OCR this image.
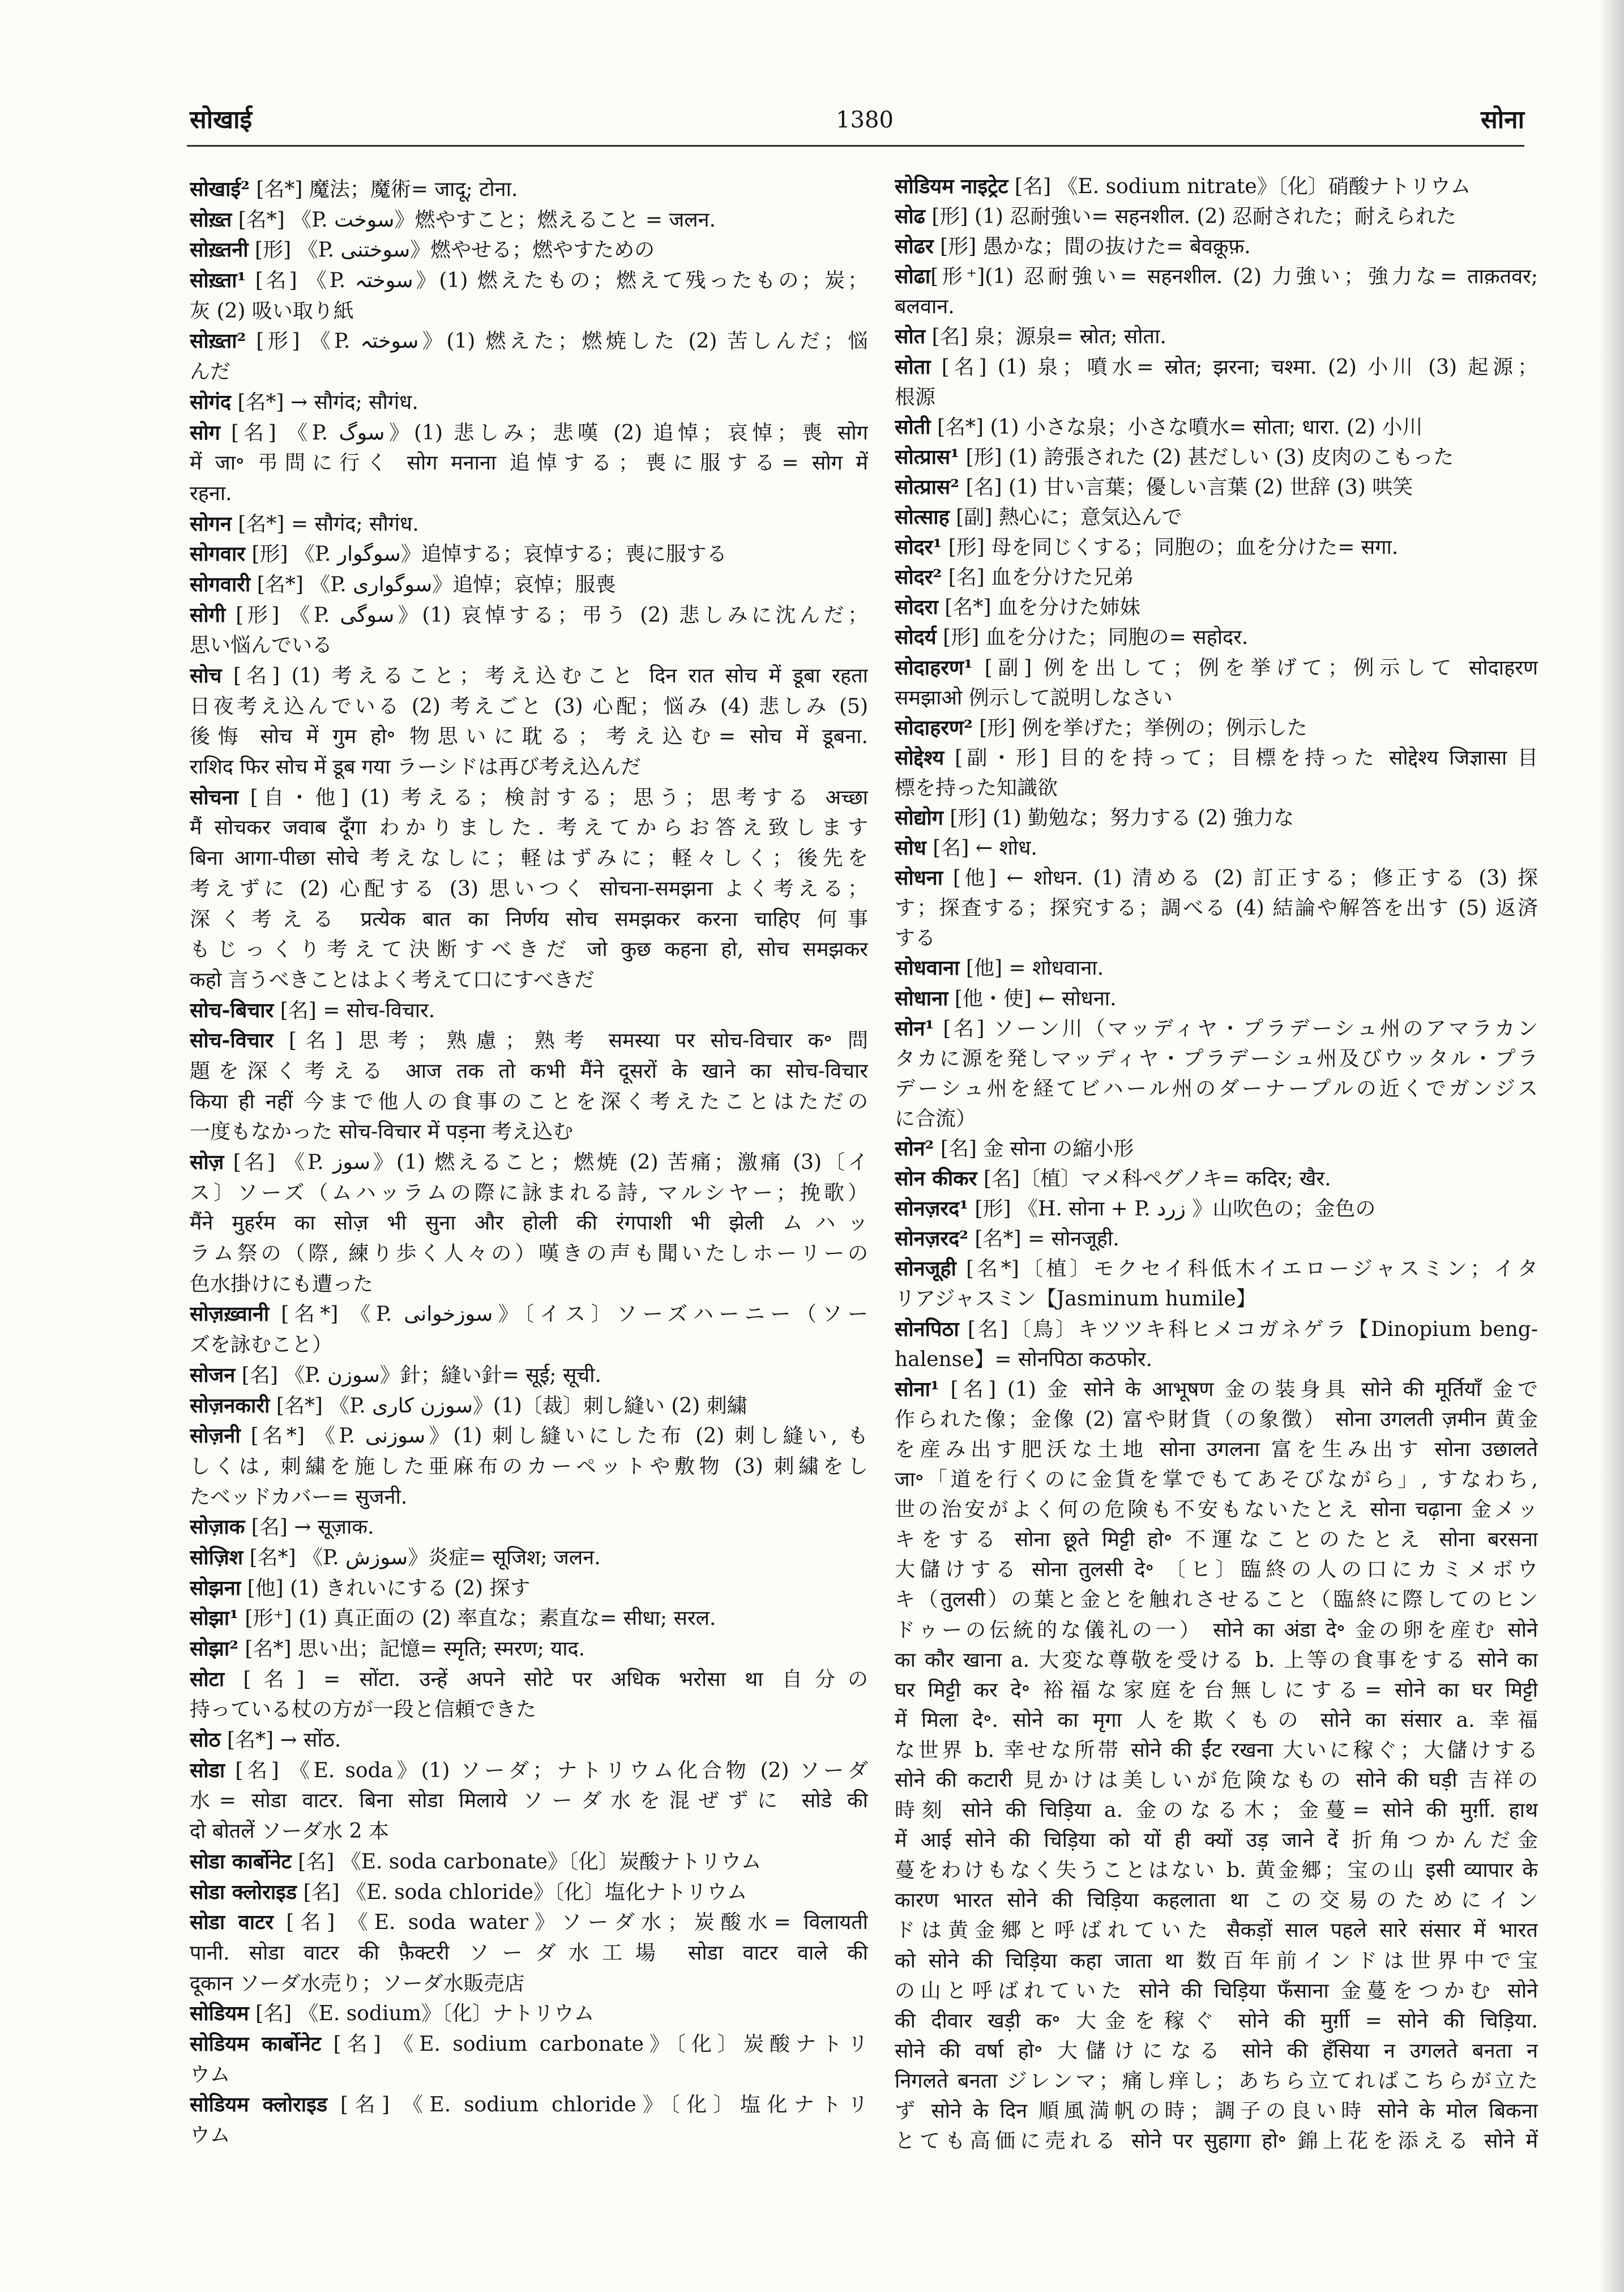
सोखाई	1380	सोना
सोखाई² [名*] 魔法；魔術= जादू; टोना.
सोख़्त [名*] 《P. سوخت》燃やすこと；燃えること = जलन.
सोख़्तनी [形] 《P. سوختنی》燃やせる；燃やすための
सोख़्ता¹ [名] 《P. سوختہ》(1) 燃えたもの；燃えて残ったもの；炭；
灰 (2) 吸い取り紙
सोख़्ता² [形] 《P. سوختہ》(1) 燃えた；燃焼した (2) 苦しんだ；悩
んだ
सोगंद [名*] → सौगंद; सौगंध.
सोग [名] 《P. سوگ》(1) 悲しみ；悲嘆 (2) 追悼；哀悼；喪 सोग
में जा॰ 弔問に行く सोग मनाना 追悼する；喪に服する= सोग में
रहना.
सोगन [名*] = सौगंद; सौगंध.
सोगवार [形] 《P. سوگوار》追悼する；哀悼する；喪に服する
सोगवारी [名*] 《P. سوگواری》追悼；哀悼；服喪
सोगी [形] 《P. سوگی》(1) 哀悼する；弔う (2) 悲しみに沈んだ；
思い悩んでいる
सोच [名] (1) 考えること；考え込むこと दिन रात सोच में डूबा रहता
日夜考え込んでいる (2) 考えごと (3) 心配；悩み (4) 悲しみ (5)
後悔 सोच में गुम हो॰ 物思いに耽る；考え込む= सोच में डूबना.
राशिद फिर सोच में डूब गया ラーシドは再び考え込んだ
सोचना [自・他] (1) 考える；検討する；思う；思考する अच्छा
मैं सोचकर जवाब दूँगा わかりました. 考えてからお答え致します
बिना आगा-पीछा सोचे 考えなしに；軽はずみに；軽々しく；後先を
考えずに (2) 心配する (3) 思いつく सोचना-समझना よく考える；
深く考える प्रत्येक बात का निर्णय सोच समझकर करना चाहिए 何事
もじっくり考えて決断すべきだ जो कुछ कहना हो, सोच समझकर
कहो 言うべきことはよく考えて口にすべきだ
सोच-बिचार [名] = सोच-विचार.
सोच-विचार [名] 思考；熟慮；熟考 समस्या पर सोच-विचार क॰ 問
題を深く考える आज तक तो कभी मैंने दूसरों के खाने का सोच-विचार
किया ही नहीं 今まで他人の食事のことを深く考えたことはただの
一度もなかった सोच-विचार में पड़ना 考え込む
सोज़ [名] 《P. سوز》(1) 燃えること；燃焼 (2) 苦痛；激痛 (3)〔イ
ス〕ソーズ（ムハッラムの際に詠まれる詩, マルシヤー；挽歌）
मैंने मुहर्रम का सोज़ भी सुना और होली की रंगपाशी भी झेली ムハッ
ラム祭の（際, 練り歩く人々の）嘆きの声も聞いたしホーリーの
色水掛けにも遭った
सोज़ख़्वानी [名*] 《P. سوزخوانی》〔イス〕ソーズハーニー（ソー
ズを詠むこと）
सोजन [名] 《P. سوزن》針；縫い針= सूई; सूची.
सोज़नकारी [名*] 《P. سوزن کاری》(1)〔裁〕刺し縫い (2) 刺繍
सोज़नी [名*] 《P. سوزنی》(1) 刺し縫いにした布 (2) 刺し縫い, も
しくは, 刺繍を施した亜麻布のカーペットや敷物 (3) 刺繍をし
たベッドカバー= सुजनी.
सोज़ाक [名] → सूज़ाक.
सोज़िश [名*] 《P. سوزش》炎症= सूजिश; जलन.
सोझना [他] (1) きれいにする (2) 探す
सोझा¹ [形⁺] (1) 真正面の (2) 率直な；素直な= सीधा; सरल.
सोझा² [名*] 思い出；記憶= स्मृति; स्मरण; याद.
सोटा [名] = सोंटा. उन्हें अपने सोटे पर अधिक भरोसा था 自分の
持っている杖の方が一段と信頼できた
सोठ [名*] → सोंठ.
सोडा [名] 《E. soda》(1) ソーダ；ナトリウム化合物 (2) ソーダ
水= सोडा वाटर. बिना सोडा मिलाये ソーダ水を混ぜずに सोडे की
दो बोतलें ソーダ水 2 本
सोडा कार्बोनेट [名] 《E. soda carbonate》〔化〕炭酸ナトリウム
सोडा क्लोराइड [名] 《E. soda chloride》〔化〕塩化ナトリウム
सोडा वाटर [名] 《E. soda water》ソーダ水；炭酸水= विलायती
पानी. सोडा वाटर की फ़ैक्टरी ソーダ水工場 सोडा वाटर वाले की
दूकान ソーダ水売り；ソーダ水販売店
सोडियम [名] 《E. sodium》〔化〕ナトリウム
सोडियम कार्बोनेट [名] 《E. sodium carbonate》〔化〕炭酸ナトリ
ウム
सोडियम क्लोराइड [名] 《E. sodium chloride》〔化〕塩化ナトリ
ウム
सोडियम नाइट्रेट [名] 《E. sodium nitrate》〔化〕硝酸ナトリウム
सोढ [形] (1) 忍耐強い= सहनशील. (2) 忍耐された；耐えられた
सोढर [形] 愚かな；間の抜けた= बेवक़ूफ़.
सोढा[形⁺](1) 忍耐強い= सहनशील. (2) 力強い；強力な= ताक़तवर;
बलवान.
सोत [名] 泉；源泉= स्रोत; सोता.
सोता [名] (1) 泉；噴水= स्रोत; झरना; चश्मा. (2) 小川 (3) 起源；
根源
सोती [名*] (1) 小さな泉；小さな噴水= सोता; धारा. (2) 小川
सोत्प्रास¹ [形] (1) 誇張された (2) 甚だしい (3) 皮肉のこもった
सोत्प्रास² [名] (1) 甘い言葉；優しい言葉 (2) 世辞 (3) 哄笑
सोत्साह [副] 熱心に；意気込んで
सोदर¹ [形] 母を同じくする；同胞の；血を分けた= सगा.
सोदर² [名] 血を分けた兄弟
सोदरा [名*] 血を分けた姉妹
सोदर्य [形] 血を分けた；同胞の= सहोदर.
सोदाहरण¹ [副] 例を出して；例を挙げて；例示して सोदाहरण
समझाओ 例示して説明しなさい
सोदाहरण² [形] 例を挙げた；挙例の；例示した
सोद्देश्य [副・形] 目的を持って；目標を持った सोद्देश्य जिज्ञासा 目
標を持った知識欲
सोद्योग [形] (1) 勤勉な；努力する (2) 強力な
सोध [名] ← शोध.
सोधना [他] ← शोधन. (1) 清める (2) 訂正する；修正する (3) 探
す；探査する；探究する；調べる (4) 結論や解答を出す (5) 返済
する
सोधवाना [他] = शोधवाना.
सोधाना [他・使] ← सोधना.
सोन¹ [名] ソーン川（マッディヤ・プラデーシュ州のアマラカン
タカに源を発しマッディヤ・プラデーシュ州及びウッタル・プラ
デーシュ州を経てビハール州のダーナープルの近くでガンジス
に合流）
सोन² [名] 金 सोना の縮小形
सोन कीकर [名]〔植〕マメ科ペグノキ= कदिर; खैर.
सोनज़रद¹ [形] 《H. सोना + P. زرد 》山吹色の；金色の
सोनज़रद² [名*] = सोनजूही.
सोनजूही [名*]〔植〕モクセイ科低木イエロージャスミン；イタ
リアジャスミン【Jasminum humile】
सोनपिठा [名]〔鳥〕キツツキ科ヒメコガネゲラ【Dinopium beng-
halense】= सोनपिठा कठफोर.
सोना¹ [名] (1) 金 सोने के आभूषण 金の装身具 सोने की मूर्तियाँ 金で
作られた像；金像 (2) 富や財貨（の象徴） सोना उगलती ज़मीन 黄金
を産み出す肥沃な土地 सोना उगलना 富を生み出す सोना उछालते
जा॰「道を行くのに金貨を掌でもてあそびながら」, すなわち,
世の治安がよく何の危険も不安もないたとえ सोना चढ़ाना 金メッ
キをする सोना छूते मिट्टी हो॰ 不運なことのたとえ सोना बरसना
大儲けする सोना तुलसी दे॰ 〔ヒ〕臨終の人の口にカミメボウ
キ（तुलसी）の葉と金とを触れさせること（臨終に際してのヒン
ドゥーの伝統的な儀礼の一） सोने का अंडा दे॰ 金の卵を産む सोने
का कौर खाना a. 大変な尊敬を受ける b. 上等の食事をする सोने का
घर मिट्टी कर दे॰ 裕福な家庭を台無しにする= सोने का घर मिट्टी
में मिला दे॰. सोने का मृगा 人を欺くもの सोने का संसार a. 幸福
な世界 b. 幸せな所帯 सोने की ईंट रखना 大いに稼ぐ；大儲けする
सोने की कटारी 見かけは美しいが危険なもの सोने की घड़ी 吉祥の
時刻 सोने की चिड़िया a. 金のなる木；金蔓= सोने की मुर्ग़ी. हाथ
में आई सोने की चिड़िया को यों ही क्यों उड़ जाने दें 折角つかんだ金
蔓をわけもなく失うことはない b. 黄金郷；宝の山 इसी व्यापार के
कारण भारत सोने की चिड़िया कहलाता था この交易のためにイン
ドは黄金郷と呼ばれていた सैकड़ों साल पहले सारे संसार में भारत
को सोने की चिड़िया कहा जाता था 数百年前インドは世界中で宝
の山と呼ばれていた सोने की चिड़िया फँसाना 金蔓をつかむ सोने
की दीवार खड़ी क॰ 大金を稼ぐ सोने की मुर्ग़ी = सोने की चिड़िया.
सोने की वर्षा हो॰ 大儲けになる सोने की हँसिया न उगलते बनता न
निगलते बनता ジレンマ；痛し痒し；あちら立てればこちらが立た
ず सोने के दिन 順風満帆の時；調子の良い時 सोने के मोल बिकना
とても高価に売れる सोने पर सुहागा हो॰ 錦上花を添える सोने में
